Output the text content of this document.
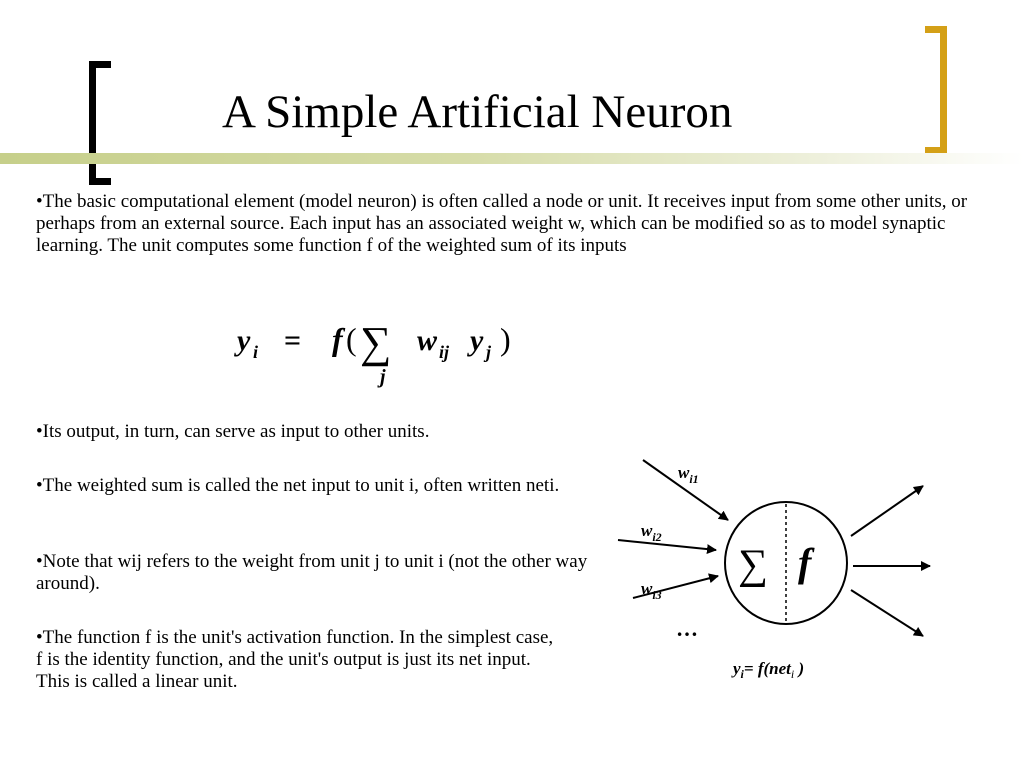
A Simple Artificial Neuron

•The basic computational element (model neuron) is often called a node or unit. It receives input from some other units, or perhaps from an external source. Each input has an associated weight w, which can be modified so as to model synaptic learning. The unit computes some function f of the weighted sum of its inputs

y i = f ( ∑
j
w ij y j )

•Its output, in turn, can serve as input to other units.

•The weighted sum is called the net input to unit i, often written neti.

•Note that wij refers to the weight from unit j to unit i (not the other way around).

•The function f is the unit's activation function. In the simplest case, f is the identity function, and the unit's output is just its net input. This is called a linear unit.

∑ f
$w_{i1}$
$w_{i2}$
$w_{i3}$
…
$y_i= f(net_i$ )
